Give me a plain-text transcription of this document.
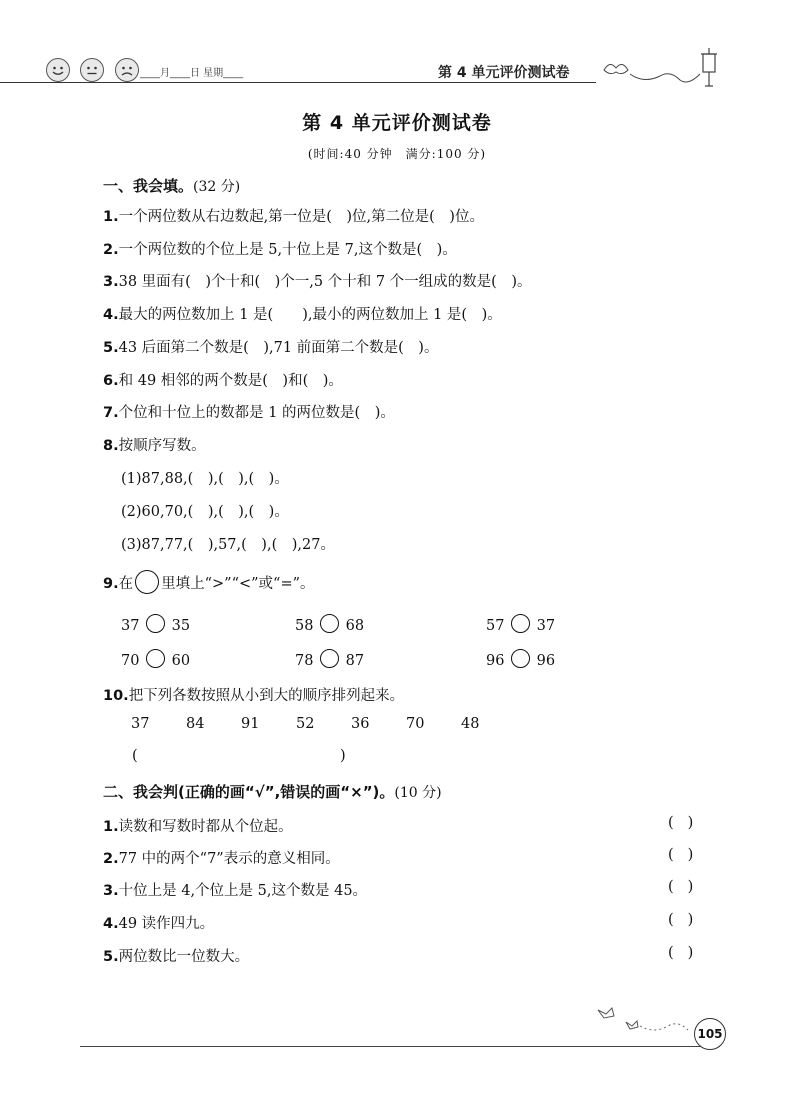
____月____日 星期____	第 4 单元评价测试卷
第 4 单元评价测试卷
(时间:40 分钟　满分:100 分)
一、我会填。(32 分)
1.一个两位数从右边数起,第一位是(　)位,第二位是(　)位。
2.一个两位数的个位上是 5,十位上是 7,这个数是(　)。
3.38 里面有(　)个十和(　)个一,5 个十和 7 个一组成的数是(　)。
4.最大的两位数加上 1 是(　　),最小的两位数加上 1 是(　)。
5.43 后面第二个数是(　),71 前面第二个数是(　)。
6.和 49 相邻的两个数是(　)和(　)。
7.个位和十位上的数都是 1 的两位数是(　)。
8.按顺序写数。
(1)87,88,(　),(　),(　)。
(2)60,70,(　),(　),(　)。
(3)87,77,(　),57,(　),(　),27。
9.在 里填上“>”“<”或“=”。
37 35	58 68	57 37
70 60	78 87	96 96
10.把下列各数按照从小到大的顺序排列起来。
37	84	91	52	36	70	48
(	)
二、我会判(正确的画“√”,错误的画“×”)。(10 分)
1.读数和写数时都从个位起。	()
2.77 中的两个“7”表示的意义相同。	()
3.十位上是 4,个位上是 5,这个数是 45。	()
4.49 读作四九。	()
5.两位数比一位数大。	()
105
